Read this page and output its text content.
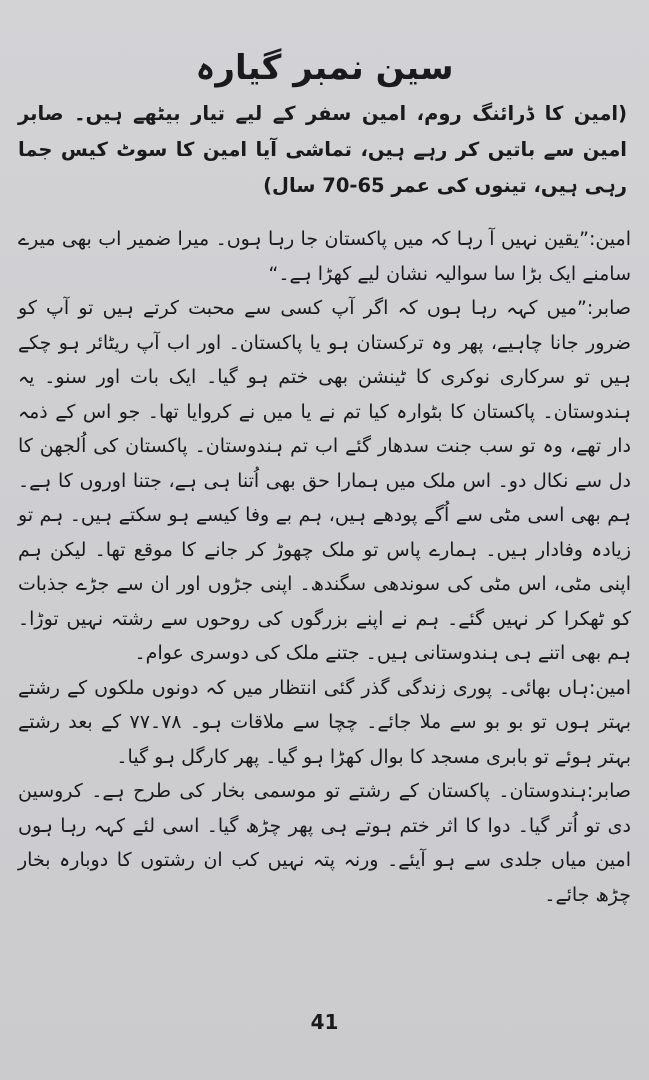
سین نمبر گیارہ

(امین کا ڈرائنگ روم، امین سفر کے لیے تیار بیٹھے ہیں۔ صابر امین سے باتیں کر رہے ہیں، تماشی آیا امین کا سوٹ کیس جما رہی ہیں، تینوں کی عمر 65-70 سال)

امین:”یقین نہیں آ رہا کہ میں پاکستان جا رہا ہوں۔ میرا ضمیر اب بھی میرے سامنے ایک بڑا سا سوالیہ نشان لیے کھڑا ہے۔“

صابر:”میں کہہ رہا ہوں کہ اگر آپ کسی سے محبت کرتے ہیں تو آپ کو ضرور جانا چاہیے، پھر وہ ترکستان ہو یا پاکستان۔ اور اب آپ ریٹائر ہو چکے ہیں تو سرکاری نوکری کا ٹینشن بھی ختم ہو گیا۔ ایک بات اور سنو۔ یہ ہندوستان۔ پاکستان کا بٹوارہ کیا تم نے یا میں نے کروایا تھا۔ جو اس کے ذمہ دار تھے، وہ تو سب جنت سدھار گئے اب تم ہندوستان۔ پاکستان کی اُلجھن کا دل سے نکال دو۔ اس ملک میں ہمارا حق بھی اُتنا ہی ہے، جتنا اوروں کا ہے۔ ہم بھی اسی مٹی سے اُگے پودھے ہیں، ہم بے وفا کیسے ہو سکتے ہیں۔ ہم تو زیادہ وفادار ہیں۔ ہمارے پاس تو ملک چھوڑ کر جانے کا موقع تھا۔ لیکن ہم اپنی مٹی، اس مٹی کی سوندھی سگندھ۔ اپنی جڑوں اور ان سے جڑے جذبات کو ٹھکرا کر نہیں گئے۔ ہم نے اپنے بزرگوں کی روحوں سے رشتہ نہیں توڑا۔ ہم بھی اتنے ہی ہندوستانی ہیں۔ جتنے ملک کی دوسری عوام۔

امین:ہاں بھائی۔ پوری زندگی گذر گئی انتظار میں کہ دونوں ملکوں کے رشتے بہتر ہوں تو بو بو سے ملا جائے۔ چچا سے ملاقات ہو۔ ۷۸۔۷۷ کے بعد رشتے بہتر ہوئے تو بابری مسجد کا بوال کھڑا ہو گیا۔ پھر کارگل ہو گیا۔

صابر:ہندوستان۔ پاکستان کے رشتے تو موسمی بخار کی طرح ہے۔ کروسین دی تو اُتر گیا۔ دوا کا اثر ختم ہوتے ہی پھر چڑھ گیا۔ اسی لئے کہہ رہا ہوں امین میاں جلدی سے ہو آیئے۔ ورنہ پتہ نہیں کب ان رشتوں کا دوبارہ بخار چڑھ جائے۔

41
